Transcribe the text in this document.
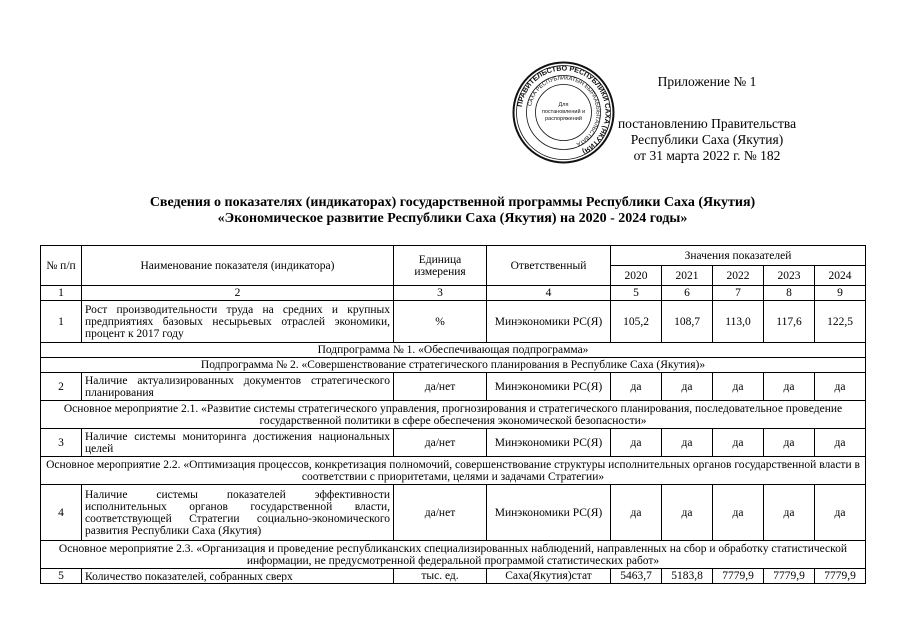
ПРАВИТЕЛЬСТВО РЕСПУБЛИКИ САХА (ЯКУТИЯ)
САХА РЕСПУБЛИКАТЫН БЫРААБЫЫТАЛЬСТВАТА
Для
постановлений и
распоряжений
Приложение № 1
постановлению Правительства
Республики Саха (Якутия)
от 31 марта 2022 г. № 182
Сведения о показателях (индикаторах) государственной программы Республики Саха (Якутия)
«Экономическое развитие Республики Саха (Якутия) на 2020 - 2024 годы»
№ п/п	Наименование показателя (индикатора)	Единица измерения	Ответственный	Значения показателей				
				2020	2021	2022	2023	2024
1	2	3	4	5	6	7	8	9
1	Рост производительности труда на средних и крупных предприятиях базовых несырьевых отраслей экономики, процент к 2017 году	%	Минэкономики РС(Я)	105,2	108,7	113,0	117,6	122,5
Подпрограмма № 1. «Обеспечивающая подпрограмма»								
Подпрограмма № 2. «Совершенствование стратегического планирования в Республике Саха (Якутия)»								
2	Наличие актуализированных документов стратегического планирования	да/нет	Минэкономики РС(Я)	да	да	да	да	да
Основное мероприятие 2.1. «Развитие системы стратегического управления, прогнозирования и стратегического планирования, последовательное проведение государственной политики в сфере обеспечения экономической безопасности»								
3	Наличие системы мониторинга достижения национальных целей	да/нет	Минэкономики РС(Я)	да	да	да	да	да
Основное мероприятие 2.2. «Оптимизация процессов, конкретизация полномочий, совершенствование структуры исполнительных органов государственной власти в соответствии с приоритетами, целями и задачами Стратегии»								
4	Наличие системы показателей эффективности исполнительных органов государственной власти, соответствующей Стратегии социально-экономического развития Республики Саха (Якутия)	да/нет	Минэкономики РС(Я)	да	да	да	да	да
Основное мероприятие 2.3. «Организация и проведение республиканских специализированных наблюдений, направленных на сбор и обработку статистической информации, не предусмотренной федеральной программой статистических работ»								
5	Количество показателей, собранных сверх	тыс. ед.	Саха(Якутия)стат	5463,7	5183,8	7779,9	7779,9	7779,9
